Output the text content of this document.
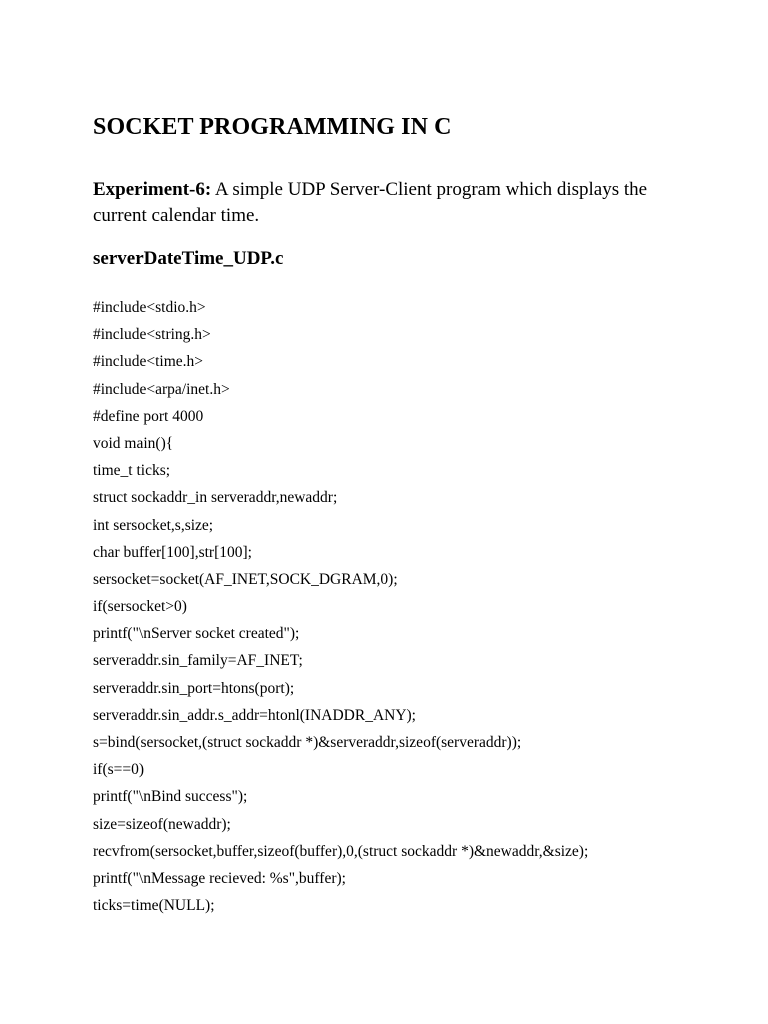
SOCKET PROGRAMMING IN C

Experiment-6: A simple UDP Server-Client program which displays the current calendar time.

serverDateTime_UDP.c

#include<stdio.h>
#include<string.h>
#include<time.h>
#include<arpa/inet.h>
#define port 4000
void main(){
time_t ticks;
struct sockaddr_in serveraddr,newaddr;
int sersocket,s,size;
char buffer[100],str[100];
sersocket=socket(AF_INET,SOCK_DGRAM,0);
if(sersocket>0)
printf("\nServer socket created");
serveraddr.sin_family=AF_INET;
serveraddr.sin_port=htons(port);
serveraddr.sin_addr.s_addr=htonl(INADDR_ANY);
s=bind(sersocket,(struct sockaddr *)&serveraddr,sizeof(serveraddr));
if(s==0)
printf("\nBind success");
size=sizeof(newaddr);
recvfrom(sersocket,buffer,sizeof(buffer),0,(struct sockaddr *)&newaddr,&size);
printf("\nMessage recieved: %s",buffer);
ticks=time(NULL);
